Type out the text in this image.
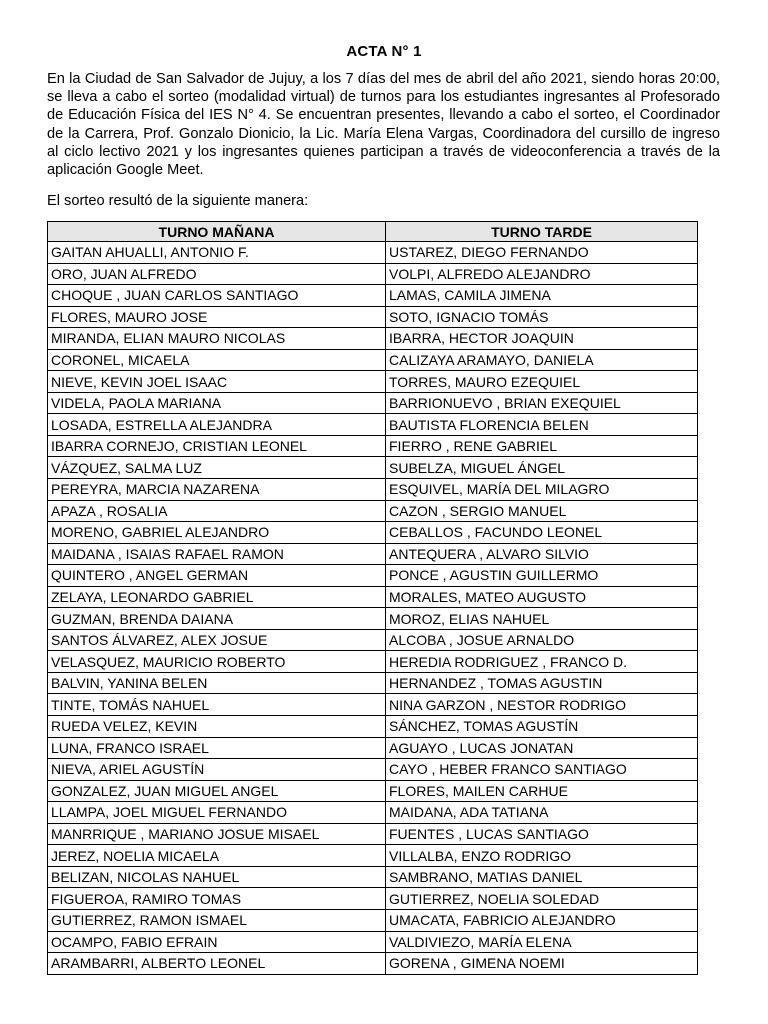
ACTA N° 1
En la Ciudad de San Salvador de Jujuy, a los 7 días del mes de abril del año 2021, siendo horas 20:00, se lleva a cabo el sorteo (modalidad virtual) de turnos para los estudiantes ingresantes al Profesorado de Educación Física del IES N° 4. Se encuentran presentes, llevando a cabo el sorteo, el Coordinador de la Carrera, Prof. Gonzalo Dionicio, la Lic. María Elena Vargas, Coordinadora del cursillo de ingreso al ciclo lectivo 2021 y los ingresantes quienes participan a través de videoconferencia a través de la aplicación Google Meet.
El sorteo resultó de la siguiente manera:
TURNO MAÑANA	TURNO TARDE
GAITAN AHUALLI, ANTONIO F.	USTAREZ, DIEGO FERNANDO
ORO, JUAN ALFREDO	VOLPI, ALFREDO ALEJANDRO
CHOQUE , JUAN CARLOS SANTIAGO	LAMAS, CAMILA JIMENA
FLORES, MAURO JOSE	SOTO, IGNACIO TOMÁS
MIRANDA, ELIAN MAURO NICOLAS	IBARRA, HECTOR JOAQUIN
CORONEL, MICAELA	CALIZAYA ARAMAYO, DANIELA
NIEVE, KEVIN JOEL ISAAC	TORRES, MAURO EZEQUIEL
VIDELA, PAOLA MARIANA	BARRIONUEVO , BRIAN EXEQUIEL
LOSADA, ESTRELLA ALEJANDRA	BAUTISTA FLORENCIA BELEN
IBARRA CORNEJO, CRISTIAN LEONEL	FIERRO , RENE GABRIEL
VÁZQUEZ, SALMA LUZ	SUBELZA, MIGUEL ÁNGEL
PEREYRA, MARCIA NAZARENA	ESQUIVEL, MARÍA DEL MILAGRO
APAZA , ROSALIA	CAZON , SERGIO MANUEL
MORENO, GABRIEL ALEJANDRO	CEBALLOS , FACUNDO LEONEL
MAIDANA , ISAIAS RAFAEL RAMON	ANTEQUERA , ALVARO SILVIO
QUINTERO , ANGEL GERMAN	PONCE , AGUSTIN GUILLERMO
ZELAYA, LEONARDO GABRIEL	MORALES, MATEO AUGUSTO
GUZMAN, BRENDA DAIANA	MOROZ, ELIAS NAHUEL
SANTOS ÁLVAREZ, ALEX JOSUE	ALCOBA , JOSUE ARNALDO
VELASQUEZ, MAURICIO ROBERTO	HEREDIA RODRIGUEZ , FRANCO D.
BALVIN, YANINA BELEN	HERNANDEZ , TOMAS AGUSTIN
TINTE, TOMÁS NAHUEL	NINA GARZON , NESTOR RODRIGO
RUEDA VELEZ, KEVIN	SÁNCHEZ, TOMAS AGUSTÍN
LUNA, FRANCO ISRAEL	AGUAYO , LUCAS JONATAN
NIEVA, ARIEL AGUSTÍN	CAYO , HEBER FRANCO SANTIAGO
GONZALEZ, JUAN MIGUEL ANGEL	FLORES, MAILEN CARHUE
LLAMPA, JOEL MIGUEL FERNANDO	MAIDANA, ADA TATIANA
MANRRIQUE , MARIANO JOSUE MISAEL	FUENTES , LUCAS SANTIAGO
JEREZ, NOELIA MICAELA	VILLALBA, ENZO RODRIGO
BELIZAN, NICOLAS NAHUEL	SAMBRANO, MATIAS DANIEL
FIGUEROA, RAMIRO TOMAS	GUTIERREZ, NOELIA SOLEDAD
GUTIERREZ, RAMON ISMAEL	UMACATA, FABRICIO ALEJANDRO
OCAMPO, FABIO EFRAIN	VALDIVIEZO, MARÍA ELENA
ARAMBARRI, ALBERTO LEONEL	GORENA , GIMENA NOEMI
